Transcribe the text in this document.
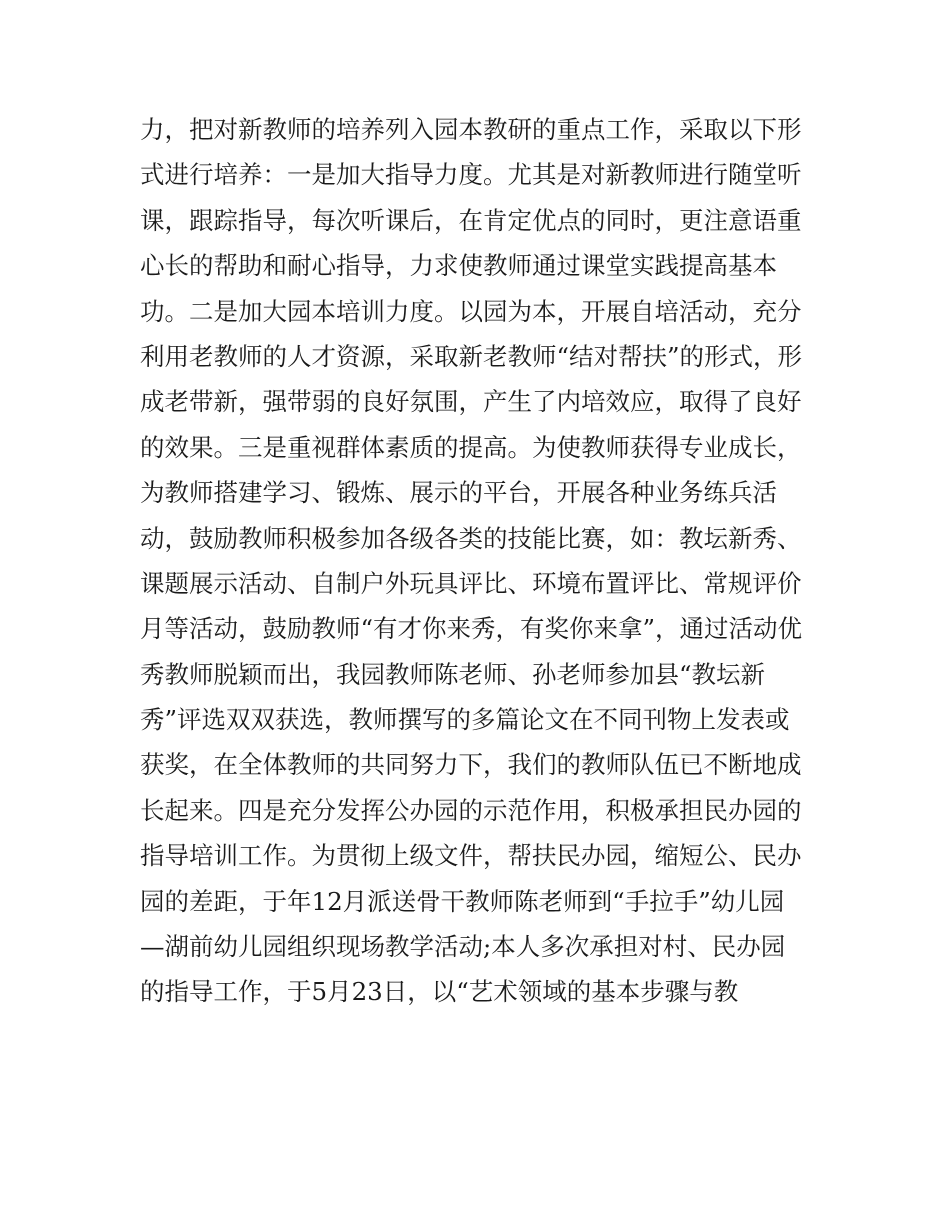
力，把对新教师的培养列入园本教研的重点工作，采取以下形
式进行培养：一是加大指导力度。尤其是对新教师进行随堂听
课，跟踪指导，每次听课后，在肯定优点的同时，更注意语重
心长的帮助和耐心指导，力求使教师通过课堂实践提高基本
功。二是加大园本培训力度。以园为本，开展自培活动，充分
利用老教师的人才资源，采取新老教师“结对帮扶”的形式，形
成老带新，强带弱的良好氛围，产生了内培效应，取得了良好
的效果。三是重视群体素质的提高。为使教师获得专业成长，
为教师搭建学习、锻炼、展示的平台，开展各种业务练兵活
动，鼓励教师积极参加各级各类的技能比赛，如：教坛新秀、
课题展示活动、自制户外玩具评比、环境布置评比、常规评价
月等活动，鼓励教师“有才你来秀，有奖你来拿”，通过活动优
秀教师脱颖而出，我园教师陈老师、孙老师参加县“教坛新
秀”评选双双获选，教师撰写的多篇论文在不同刊物上发表或
获奖，在全体教师的共同努力下，我们的教师队伍已不断地成
长起来。四是充分发挥公办园的示范作用，积极承担民办园的
指导培训工作。为贯彻上级文件，帮扶民办园，缩短公、民办
园的差距，于年12月派送骨干教师陈老师到“手拉手”幼儿园
—湖前幼儿园组织现场教学活动;本人多次承担对村、民办园
的指导工作，于5月23日，以“艺术领域的基本步骤与教
